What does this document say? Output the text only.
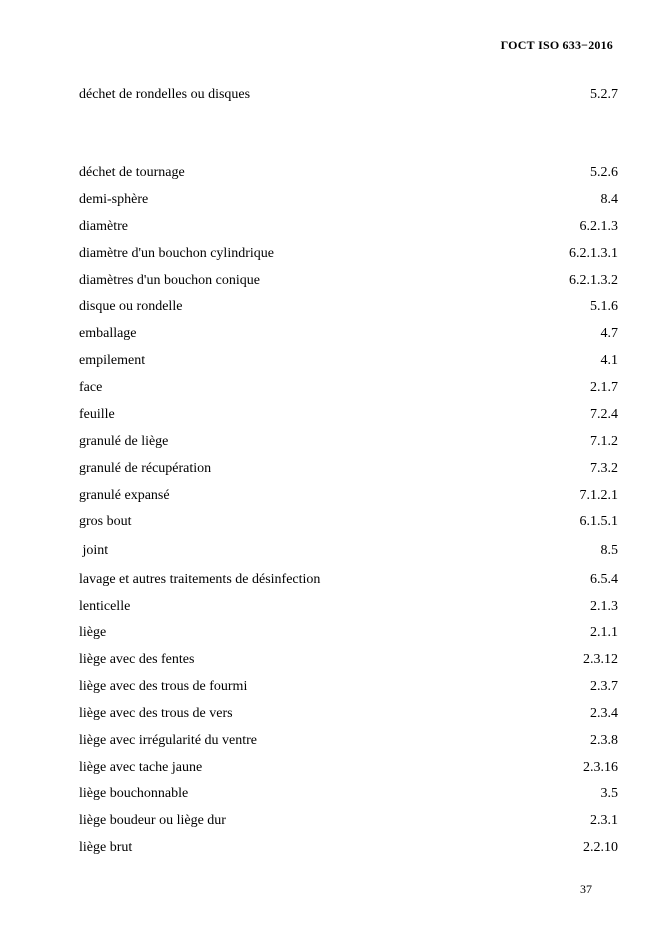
ГОСТ ISO 633−2016
déchet de rondelles ou disques	5.2.7
déchet de tournage	5.2.6
demi-sphère	8.4
diamètre	6.2.1.3
diamètre d'un bouchon cylindrique	6.2.1.3.1
diamètres d'un bouchon conique	6.2.1.3.2
disque ou rondelle	5.1.6
emballage	4.7
empilement	4.1
face	2.1.7
feuille	7.2.4
granulé de liège	7.1.2
granulé de récupération	7.3.2
granulé expansé	7.1.2.1
gros bout	6.1.5.1
joint	8.5
lavage et autres traitements de désinfection	6.5.4
lenticelle	2.1.3
liège	2.1.1
liège avec des fentes	2.3.12
liège avec des trous de fourmi	2.3.7
liège avec des trous de vers	2.3.4
liège avec irrégularité du ventre	2.3.8
liège avec tache jaune	2.3.16
liège bouchonnable	3.5
liège boudeur ou liège dur	2.3.1
liège brut	2.2.10
37
